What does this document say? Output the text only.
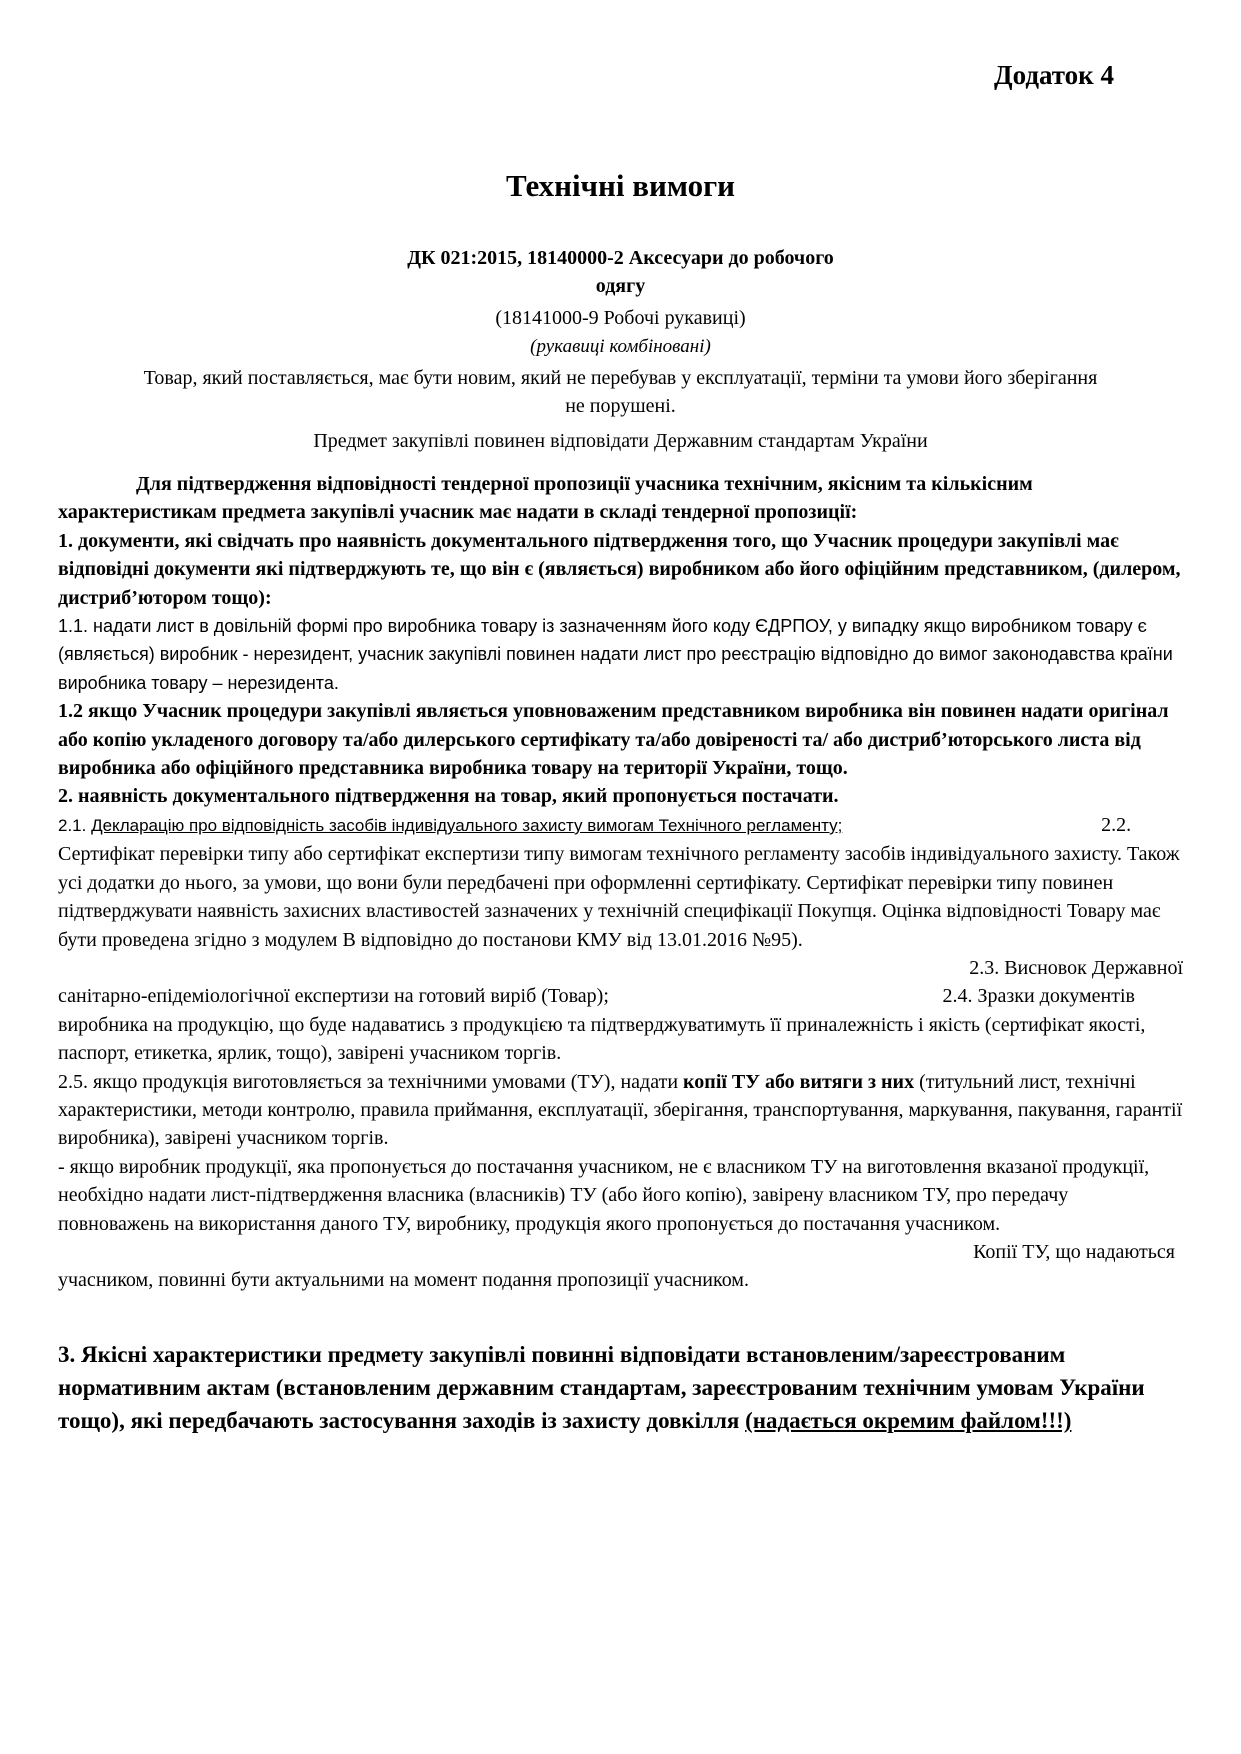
Додаток 4
Технічні вимоги
ДК 021:2015, 18140000-2 Аксесуари до робочого
одягу
(18141000-9 Робочі рукавиці)
(рукавиці комбіновані)
Товар, який поставляється, має бути новим, який не перебував у експлуатації, терміни та умови його зберігання
не порушені.
Предмет закупівлі повинен відповідати Державним стандартам України

Для підтвердження відповідності тендерної пропозиції учасника технічним, якісним та кількісним характеристикам предмета закупівлі учасник має надати в складі тендерної пропозиції:

1. документи, які свідчать про наявність документального підтвердження того, що Учасник процедури закупівлі має відповідні документи які підтверджують те, що він є (являється) виробником або його офіційним представником, (дилером, дистриб’ютором тощо):

1.1. надати лист в довільній формі про виробника товару із зазначенням його коду ЄДРПОУ, у випадку якщо виробником товару є (являється) виробник - нерезидент, учасник закупівлі повинен надати лист про реєстрацію відповідно до вимог законодавства країни виробника товару – нерезидента.

1.2 якщо Учасник процедури закупівлі являється уповноваженим представником виробника він повинен надати оригінал або копію укладеного договору та/або дилерського сертифікату та/або довіреності та/ або дистриб’юторського листа від виробника або офіційного представника виробника товару на території України, тощо.

2. наявність документального підтвердження на товар, який пропонується постачати.

2.1. Декларацію про відповідність засобів індивідуального захисту вимогам Технічного регламенту;	2.2.

Сертифікат перевірки типу або сертифікат експертизи типу вимогам технічного регламенту засобів індивідуального захисту. Також усі додатки до нього, за умови, що вони були передбачені при оформленні сертифікату. Сертифікат перевірки типу повинен підтверджувати наявність захисних властивостей зазначених у технічній специфікації Покупця. Оцінка відповідності Товару має бути проведена згідно з модулем В відповідно до постанови КМУ від 13.01.2016 №95).

2.3. Висновок Державної

санітарно-епідеміологічної експертизи на готовий виріб (Товар);	2.4. Зразки документів

виробника на продукцію, що буде надаватись з продукцією та підтверджуватимуть її приналежність і якість (сертифікат якості, паспорт, етикетка, ярлик, тощо), завірені учасником торгів.

2.5. якщо продукція виготовляється за технічними умовами (ТУ), надати копії ТУ або витяги з них (титульний лист, технічні характеристики, методи контролю, правила приймання, експлуатації, зберігання, транспортування, маркування, пакування, гарантії виробника), завірені учасником торгів.

- якщо виробник продукції, яка пропонується до постачання учасником, не є власником ТУ на виготовлення вказаної продукції, необхідно надати лист-підтвердження власника (власників) ТУ (або його копію), завірену власником ТУ, про передачу повноважень на використання даного ТУ, виробнику, продукція якого пропонується до постачання учасником.
Копії ТУ, що надаються

учасником, повинні бути актуальними на момент подання пропозиції учасником.

3. Якісні характеристики предмету закупівлі повинні відповідати встановленим/зареєстрованим нормативним актам (встановленим державним стандартам, зареєстрованим технічним умовам України тощо), які передбачають застосування заходів із захисту довкілля (надається окремим файлом!!!)
